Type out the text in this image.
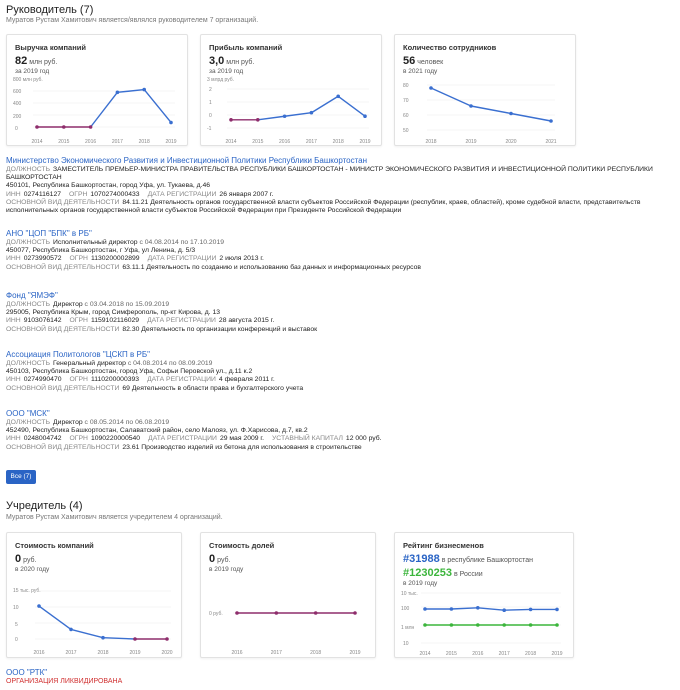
Руководитель (7)
Муратов Рустам Хамитович является/являлся руководителем 7 организаций.
Выручка компаний
82 млн руб.
за 2019 год
800 млн руб.
600
400
200
0
2014	2015	2016	2017	2018	2019
Прибыль компаний
3,0 млн руб.
за 2019 год
3 млрд руб.
2
1
0
-1
2014	2015	2016	2017	2018	2019
Количество сотрудников
56 человек
в 2021 году
80
70
60
50
2018	2019	2020	2021
Министерство Экономического Развития и Инвестиционной Политики Республики Башкортостан
ДОЛЖНОСТЬ ЗАМЕСТИТЕЛЬ ПРЕМЬЕР-МИНИСТРА ПРАВИТЕЛЬСТВА РЕСПУБЛИКИ БАШКОРТОСТАН - МИНИСТР ЭКОНОМИЧЕСКОГО РАЗВИТИЯ И ИНВЕСТИЦИОННОЙ ПОЛИТИКИ РЕСПУБЛИКИ БАШКОРТОСТАН
450101, Республика Башкортостан, город Уфа, ул. Тукаева, д.46
ИНН 0274116127 ОГРН 1070274000433 ДАТА РЕГИСТРАЦИИ 26 января 2007 г.
ОСНОВНОЙ ВИД ДЕЯТЕЛЬНОСТИ 84.11.21 Деятельность органов государственной власти субъектов Российской Федерации (республик, краев, областей), кроме судебной власти, представительств исполнительных органов государственной власти субъектов Российской Федерации при Президенте Российской Федерации
АНО "ЦОП "БПК" в РБ"
ДОЛЖНОСТЬ Исполнительный директор с 04.08.2014 по 17.10.2019
450077, Республика Башкортостан, г Уфа, ул Ленина, д. 5/3
ИНН 0273990572 ОГРН 1130200002899 ДАТА РЕГИСТРАЦИИ 2 июля 2013 г.
ОСНОВНОЙ ВИД ДЕЯТЕЛЬНОСТИ 63.11.1 Деятельность по созданию и использованию баз данных и информационных ресурсов
Фонд "ЯМЭФ"
ДОЛЖНОСТЬ Директор с 03.04.2018 по 15.09.2019
295005, Республика Крым, город Симферополь, пр-кт Кирова, д. 13
ИНН 9103076142 ОГРН 1159102116029 ДАТА РЕГИСТРАЦИИ 28 августа 2015 г.
ОСНОВНОЙ ВИД ДЕЯТЕЛЬНОСТИ 82.30 Деятельность по организации конференций и выставок
Ассоциация Политологов "ЦСКП в РБ"
ДОЛЖНОСТЬ Генеральный директор с 04.08.2014 по 08.09.2019
450103, Республика Башкортостан, город Уфа, Софьи Перовской ул., д.11 к.2
ИНН 0274990470 ОГРН 1110200000393 ДАТА РЕГИСТРАЦИИ 4 февраля 2011 г.
ОСНОВНОЙ ВИД ДЕЯТЕЛЬНОСТИ 69 Деятельность в области права и бухгалтерского учета
ООО "МСК"
ДОЛЖНОСТЬ Директор с 08.05.2014 по 06.08.2019
452490, Республика Башкортостан, Салаватский район, село Малояз, ул. Ф.Харисова, д.7, кв.2
ИНН 0248004742 ОГРН 1090220000540 ДАТА РЕГИСТРАЦИИ 29 мая 2009 г. УСТАВНЫЙ КАПИТАЛ 12 000 руб.
ОСНОВНОЙ ВИД ДЕЯТЕЛЬНОСТИ 23.61 Производство изделий из бетона для использования в строительстве
Все (7)
Учредитель (4)
Муратов Рустам Хамитович является учредителем 4 организаций.
Стоимость компаний
0 руб.
в 2020 году
15 тыс. руб.
10
5
0
2016	2017	2018	2019	2020
Стоимость долей
0 руб.
в 2019 году
0 руб.
2016	2017	2018	2019
Рейтинг бизнесменов
#31988 в республике Башкортостан
#1230253 в России
в 2019 году
10 тыс.
100
1 млн
10
2014	2015	2016	2017	2018	2019
ООО "РТК"
ОРГАНИЗАЦИЯ ЛИКВИДИРОВАНА
